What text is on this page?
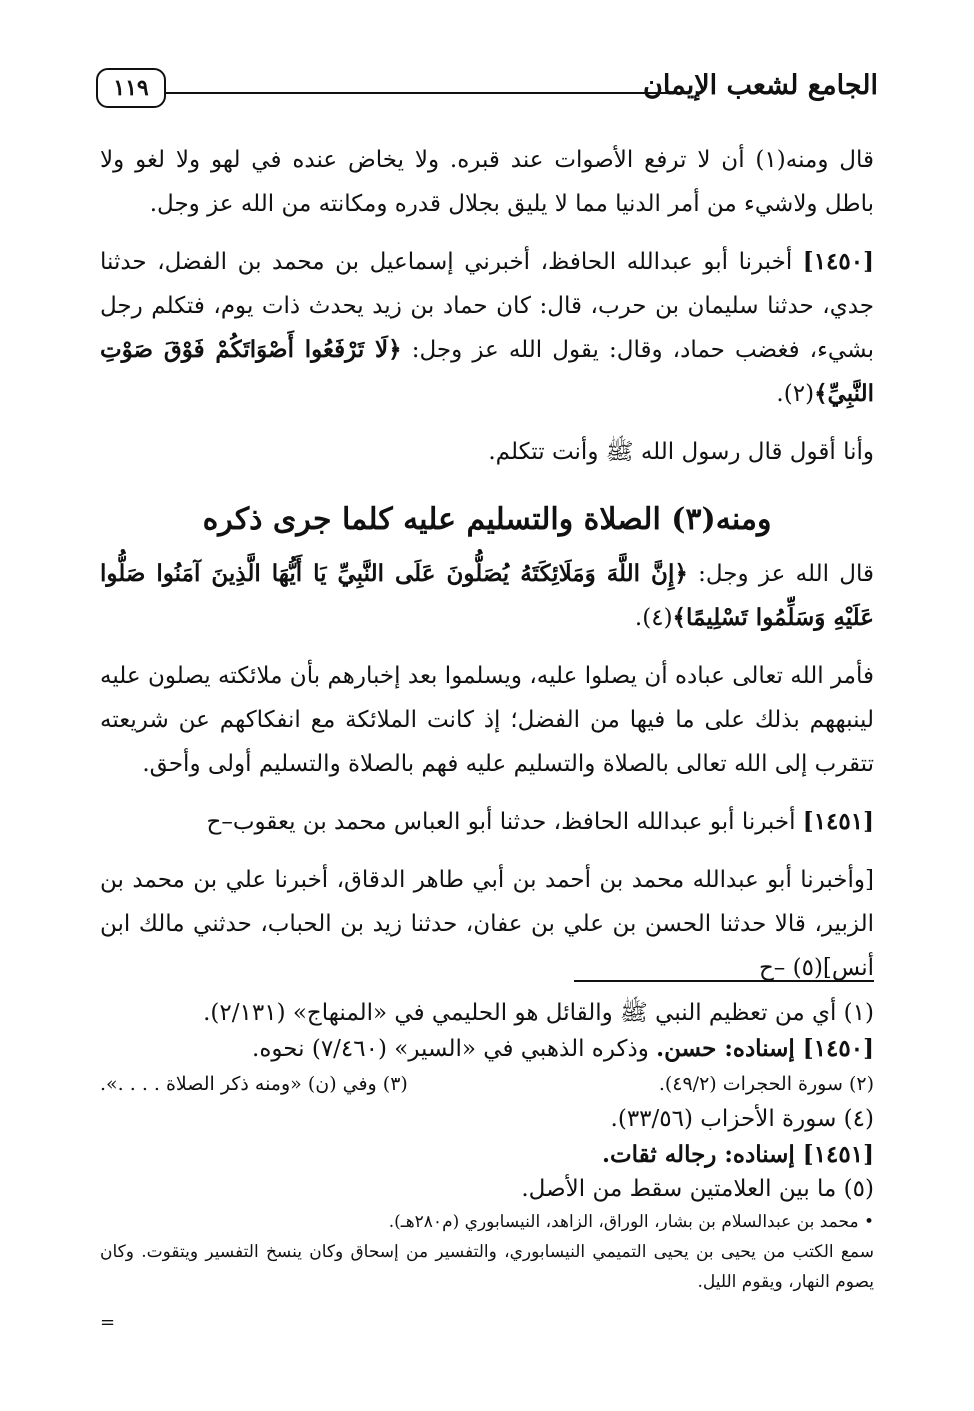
الجامع لشعب الإيمان
١١٩

قال ومنه(١) أن لا ترفع الأصوات عند قبره. ولا يخاض عنده في لهو ولا لغو ولا باطل ولاشيء من أمر الدنيا مما لا يليق بجلال قدره ومكانته من الله عز وجل.

[١٤٥٠] أخبرنا أبو عبدالله الحافظ، أخبرني إسماعيل بن محمد بن الفضل، حدثنا جدي، حدثنا سليمان بن حرب، قال: كان حماد بن زيد يحدث ذات يوم، فتكلم رجل بشيء، فغضب حماد، وقال: يقول الله عز وجل: ﴿لَا تَرْفَعُوا أَصْوَاتَكُمْ فَوْقَ صَوْتِ النَّبِيِّ﴾(٢).

وأنا أقول قال رسول الله ﷺ وأنت تتكلم.

ومنه(٣) الصلاة والتسليم عليه كلما جرى ذكره

قال الله عز وجل: ﴿إِنَّ اللَّهَ وَمَلَائِكَتَهُ يُصَلُّونَ عَلَى النَّبِيِّ يَا أَيُّهَا الَّذِينَ آمَنُوا صَلُّوا عَلَيْهِ وَسَلِّمُوا تَسْلِيمًا﴾(٤).

فأمر الله تعالى عباده أن يصلوا عليه، ويسلموا بعد إخبارهم بأن ملائكته يصلون عليه لينبههم بذلك على ما فيها من الفضل؛ إذ كانت الملائكة مع انفكاكهم عن شريعته تتقرب إلى الله تعالى بالصلاة والتسليم عليه فهم بالصلاة والتسليم أولى وأحق.

[١٤٥١] أخبرنا أبو عبدالله الحافظ، حدثنا أبو العباس محمد بن يعقوب–ح

[وأخبرنا أبو عبدالله محمد بن أحمد بن أبي طاهر الدقاق، أخبرنا علي بن محمد بن الزبير، قالا حدثنا الحسن بن علي بن عفان، حدثنا زيد بن الحباب، حدثني مالك ابن أنس](٥) –ح

(١) أي من تعظيم النبي ﷺ والقائل هو الحليمي في «المنهاج» (٢/١٣١).

[١٤٥٠] إسناده: حسن. وذكره الذهبي في «السير» (٧/٤٦٠) نحوه.

(٢) سورة الحجرات (٤٩/٢).
(٣) وفي (ن) «ومنه ذكر الصلاة . . . .».

(٤) سورة الأحزاب (٣٣/٥٦).

[١٤٥١] إسناده: رجاله ثقات.

(٥) ما بين العلامتين سقط من الأصل.

• محمد بن عبدالسلام بن بشار، الوراق، الزاهد، النيسابوري (م٢٨٠هـ).

سمع الكتب من يحيى بن يحيى التميمي النيسابوري، والتفسير من إسحاق وكان ينسخ التفسير ويتقوت. وكان يصوم النهار، ويقوم الليل.

=
